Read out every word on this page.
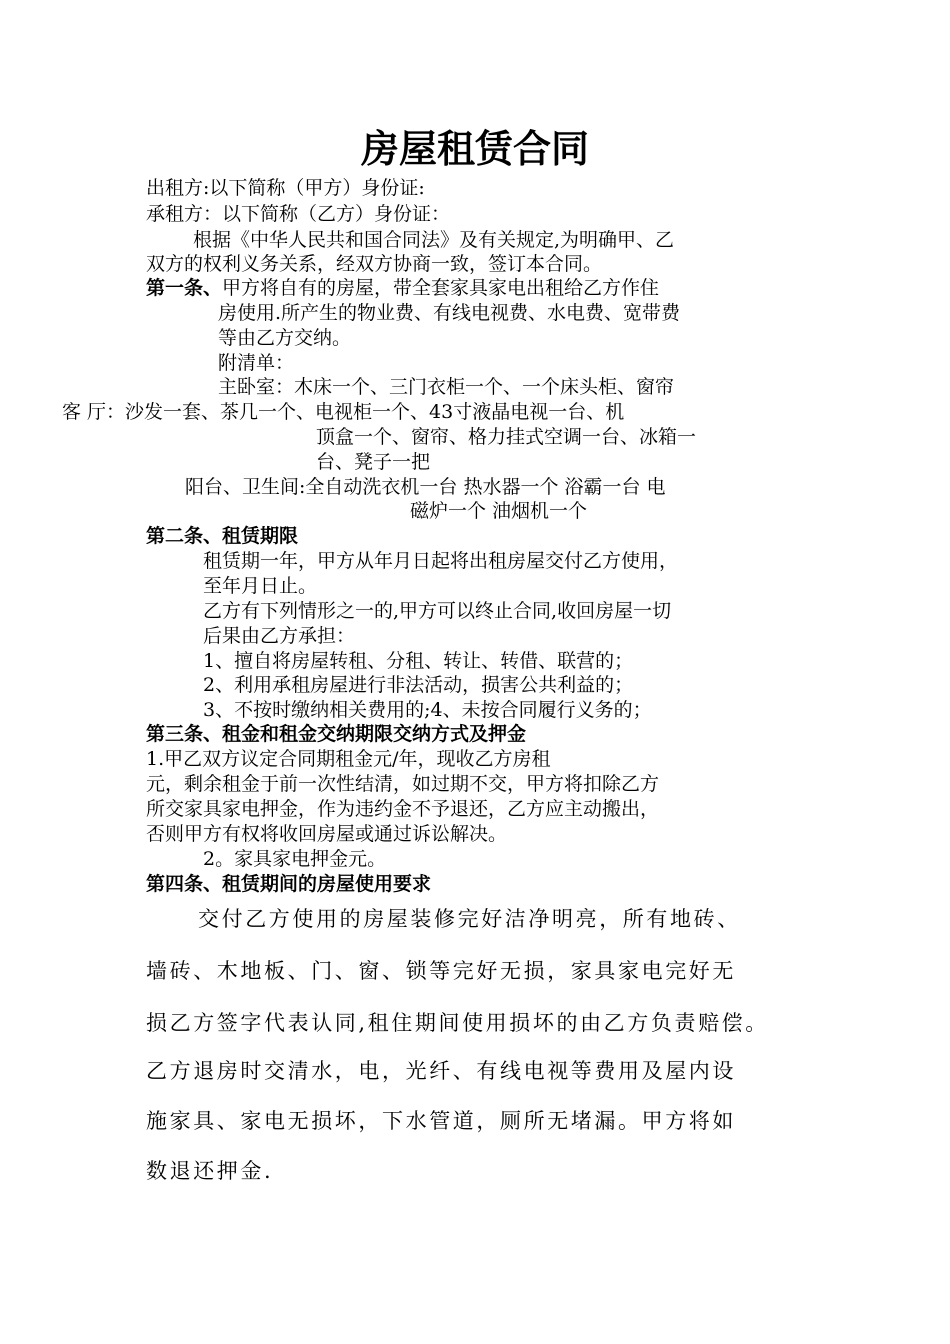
房屋租赁合同
出租方:以下简称（甲方）身份证:
承租方：以下简称（乙方）身份证：
根据《中华人民共和国合同法》及有关规定,为明确甲、乙
双方的权利义务关系，经双方协商一致，签订本合同。
第一条、甲方将自有的房屋，带全套家具家电出租给乙方作住
房使用.所产生的物业费、有线电视费、水电费、宽带费
等由乙方交纳。
附清单：
主卧室：木床一个、三门衣柜一个、一个床头柜、窗帘
客 厅：沙发一套、茶几一个、电视柜一个、43寸液晶电视一台、机
顶盒一个、窗帘、格力挂式空调一台、冰箱一
台、凳子一把
阳台、卫生间:全自动洗衣机一台 热水器一个 浴霸一台 电
磁炉一个 油烟机一个
第二条、租赁期限
租赁期一年，甲方从年月日起将出租房屋交付乙方使用，
至年月日止。
乙方有下列情形之一的,甲方可以终止合同,收回房屋一切
后果由乙方承担：
1、擅自将房屋转租、分租、转让、转借、联营的；
2、利用承租房屋进行非法活动，损害公共利益的；
3、不按时缴纳相关费用的;4、未按合同履行义务的；
第三条、租金和租金交纳期限交纳方式及押金
1.甲乙双方议定合同期租金元/年，现收乙方房租
元，剩余租金于前一次性结清，如过期不交，甲方将扣除乙方
所交家具家电押金，作为违约金不予退还，乙方应主动搬出，
否则甲方有权将收回房屋或通过诉讼解决。
2。家具家电押金元。
第四条、租赁期间的房屋使用要求
交付乙方使用的房屋装修完好洁净明亮，所有地砖、
墙砖、木地板、门、窗、锁等完好无损，家具家电完好无
损乙方签字代表认同,租住期间使用损坏的由乙方负责赔偿。
乙方退房时交清水，电，光纤、有线电视等费用及屋内设
施家具、家电无损坏，下水管道，厕所无堵漏。甲方将如
数退还押金.
